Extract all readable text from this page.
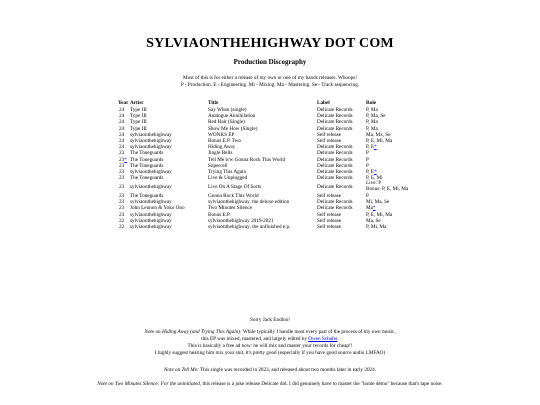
SYLVIAONTHEHIGHWAY DOT COM
Production Discography
Most of this is for either a release of my own or one of my bands releases. Whoops!
P - Production. E - Engineering. Mi - Mixing. Ma - Mastering. Se - Track sequencing.
Year	Artist	Title	Label	Role
24	Type III	Say When (single)	Delicate Records	P, Ma
24	Type III	Analogue Annihilation	Delicate Records	P, Ma, Se
24	Type III	Red Hair (Single)	Delicate Records	P, Ma
24	Type III	Show Me How (Single)	Delicate Records	P, Ma
24	sylviaonthehighway	WONKS EP	Self release	Ma, Mx, Se
24	sylviaonthehighway	Bonus E.P. Two	Self release	P, E, Mi, Ma
24	sylviaonthehighway	Hiding Away	Delicate Records	P, E*
23	The Toneguards	Jingle Bells	Delicate Records	P
23*	The Toneguards	Tell Me b/w Gonna Rock This World	Delicate Records	P
23	The Toneguards	Supercell	Delicate Records	P
23	sylviaonthehighway	Trying This Again	Delicate Records	P, E*
23	The Toneguards	Live & Unplugged	Delicate Records	P, E, Mi
23	sylviaonthehighway	Live On A Stage Of Sorts	Delicate Records	Live: P
Bonus: P, E, Mi, Ma

23	The Toneguards	Gonna Rock This World	Self release	P
23	sylviaonthehighway	sylviaonthehighway, the deluxe edition	Delicate Records	Mi, Ma, Se
23	John Lennon & Yoko Ono	Two Minutes Silence	Delicate Records	Ma*
23	sylviaonthehighway	Bonus E.P.	Self release	P, E, Mi, Ma
22	sylviaonthehighway	sylviaonthehighway 2019-2021	Self release	Ma, Se
22	sylviaonthehighway	sylviaonthehighway, the unfinished e.p.	Self release	P, Mi, Ma
Sorry Jack Endino!
Note on Hiding Away (and Trying This Again): While typically I handle most every part of the process of my own music,
this EP was mixed, mastered, and largely edited by Owen Schafer.
This is basically a free ad now: he will mix and master your records for cheap!!
I highly suggest hearing him mix your shit, it's pretty good (especially if you have good source audio LMFAO)
Note on Tell Me: This single was recorded in 2023, and released about two months later in early 2024.
Note on Two Minutes Silence: For the uninitiated, this release is a joke release Delicate did. I did genuinely have to master the "home demo" because that's tape noise.
